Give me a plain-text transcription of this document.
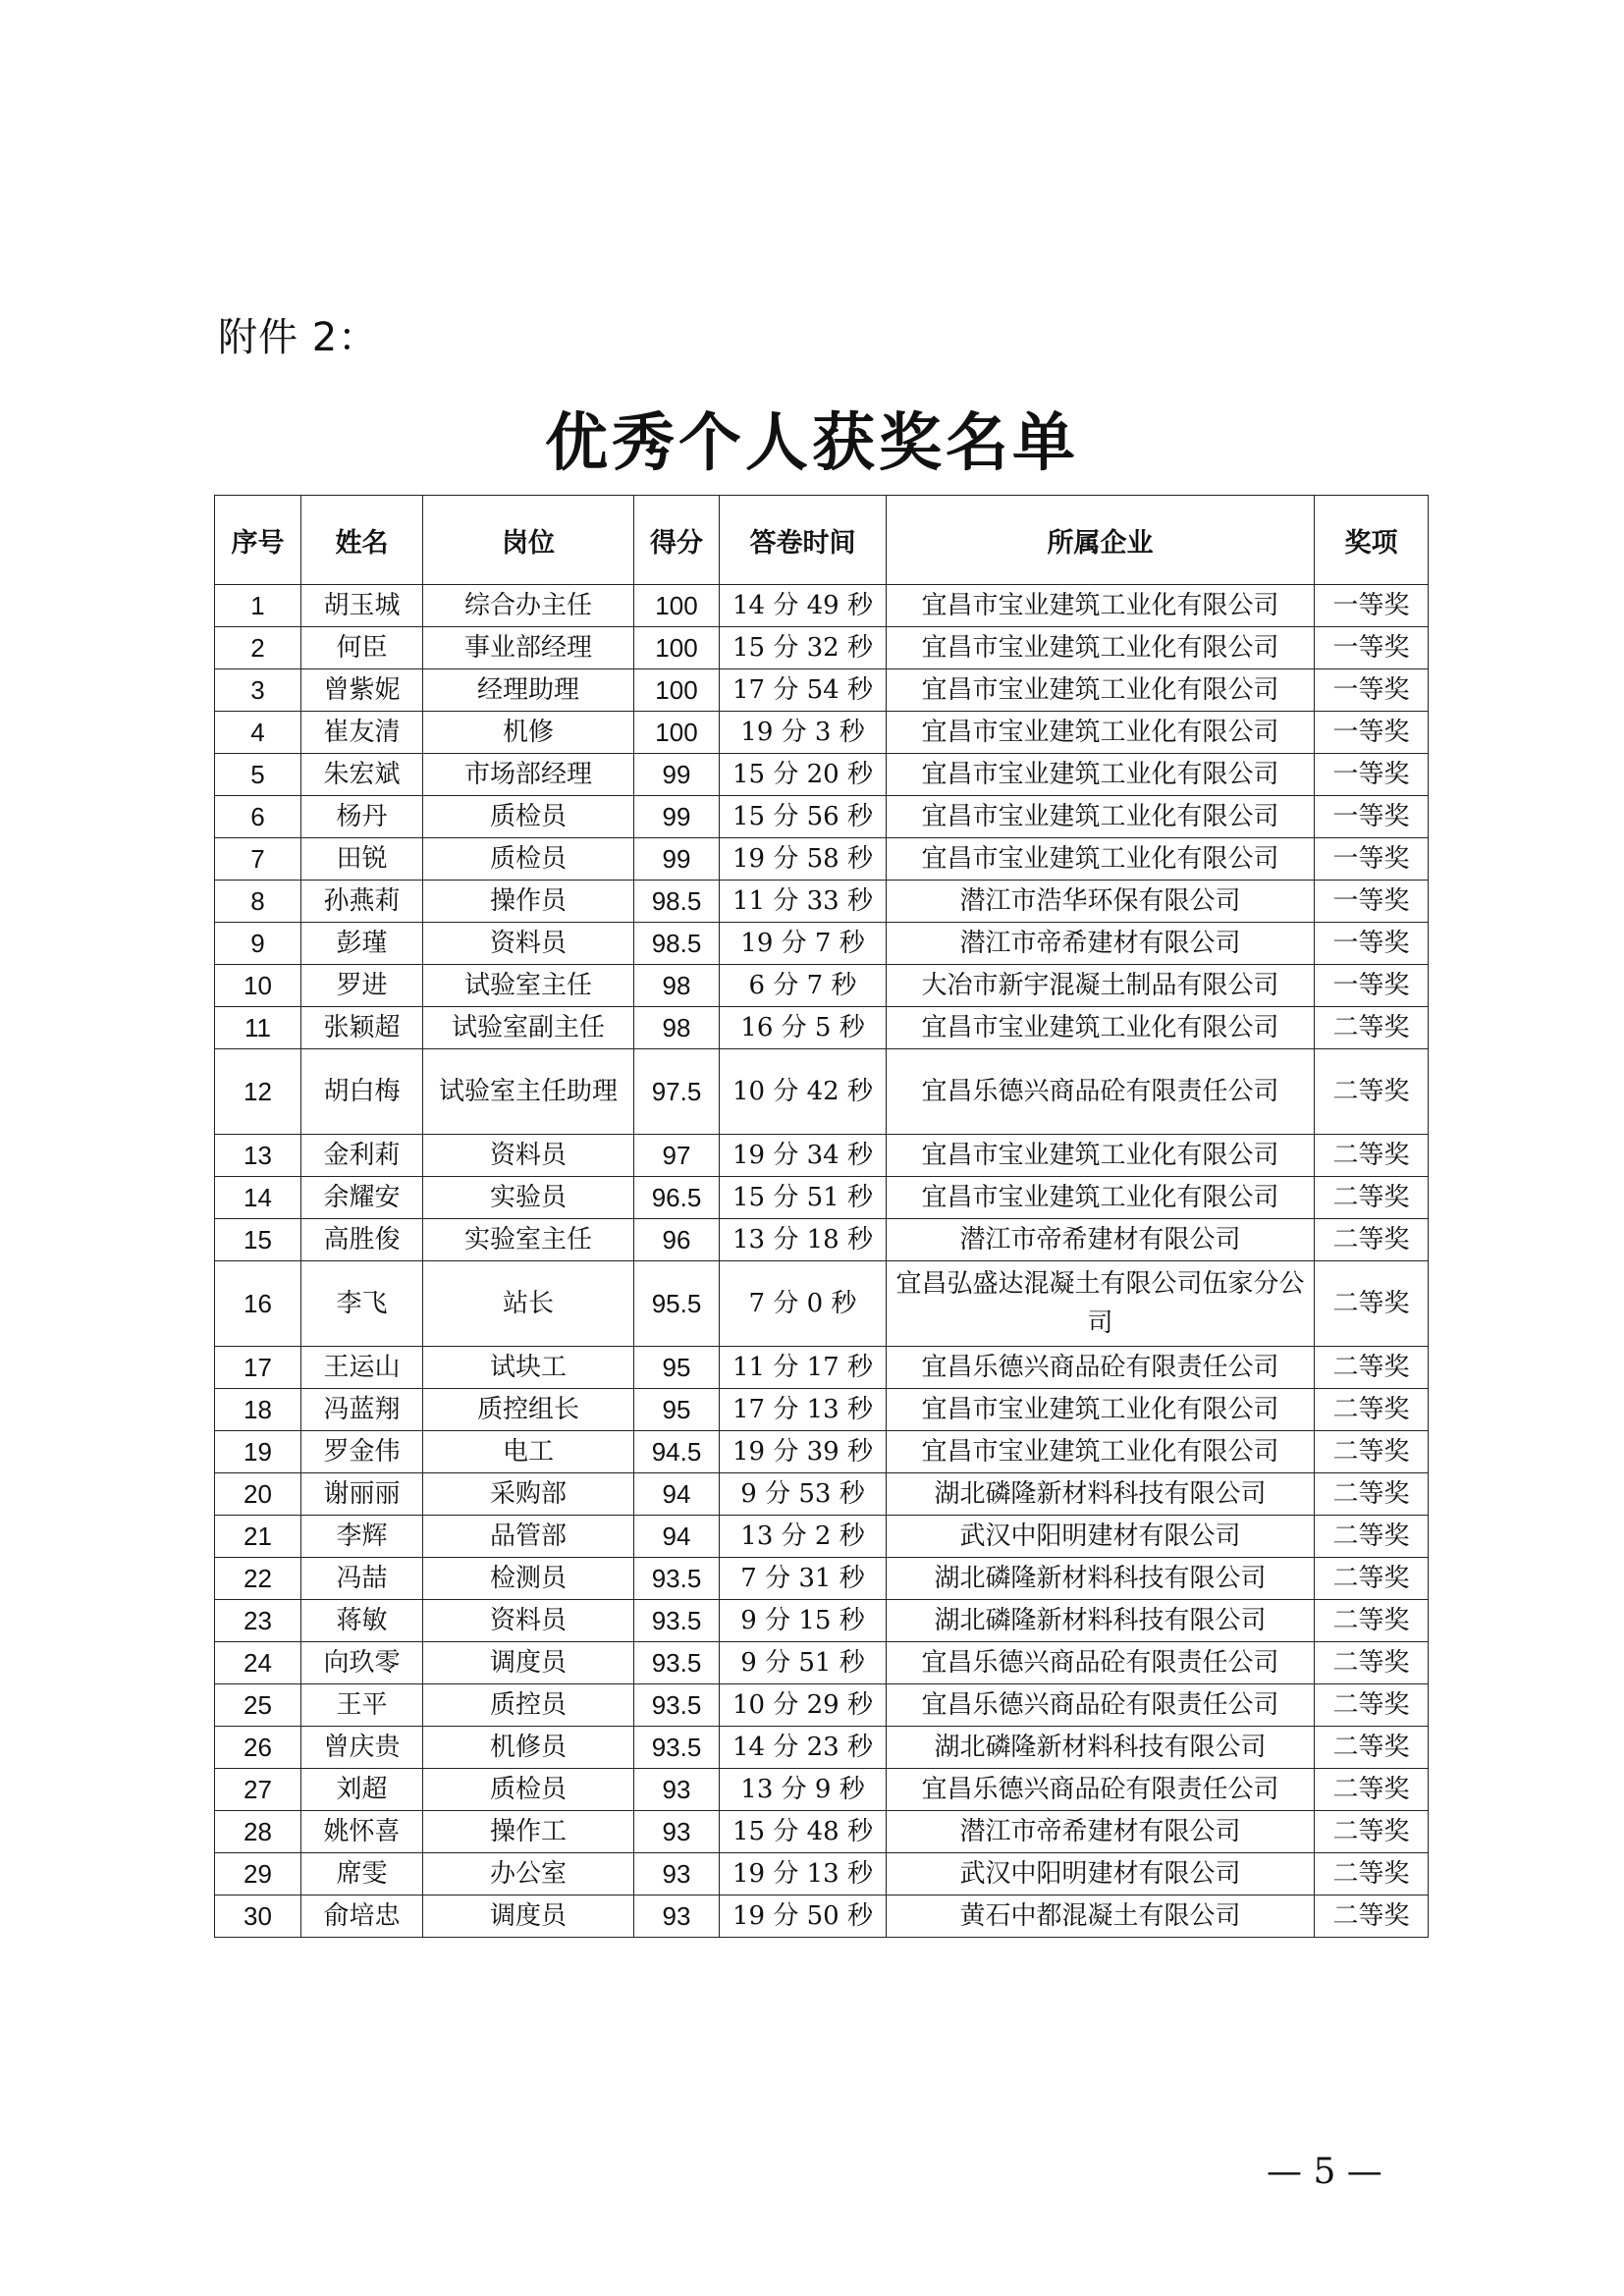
附件 2：
优秀个人获奖名单
序号	姓名	岗位	得分	答卷时间	所属企业	奖项
1	胡玉城	综合办主任	100	14 分 49 秒	宜昌市宝业建筑工业化有限公司	一等奖
2	何臣	事业部经理	100	15 分 32 秒	宜昌市宝业建筑工业化有限公司	一等奖
3	曾紫妮	经理助理	100	17 分 54 秒	宜昌市宝业建筑工业化有限公司	一等奖
4	崔友清	机修	100	19 分 3 秒	宜昌市宝业建筑工业化有限公司	一等奖
5	朱宏斌	市场部经理	99	15 分 20 秒	宜昌市宝业建筑工业化有限公司	一等奖
6	杨丹	质检员	99	15 分 56 秒	宜昌市宝业建筑工业化有限公司	一等奖
7	田锐	质检员	99	19 分 58 秒	宜昌市宝业建筑工业化有限公司	一等奖
8	孙燕莉	操作员	98.5	11 分 33 秒	潜江市浩华环保有限公司	一等奖
9	彭瑾	资料员	98.5	19 分 7 秒	潜江市帝希建材有限公司	一等奖
10	罗进	试验室主任	98	6 分 7 秒	大冶市新宇混凝土制品有限公司	一等奖
11	张颖超	试验室副主任	98	16 分 5 秒	宜昌市宝业建筑工业化有限公司	二等奖
12	胡白梅	试验室主任助理	97.5	10 分 42 秒	宜昌乐德兴商品砼有限责任公司	二等奖
13	金利莉	资料员	97	19 分 34 秒	宜昌市宝业建筑工业化有限公司	二等奖
14	余耀安	实验员	96.5	15 分 51 秒	宜昌市宝业建筑工业化有限公司	二等奖
15	高胜俊	实验室主任	96	13 分 18 秒	潜江市帝希建材有限公司	二等奖
16	李飞	站长	95.5	7 分 0 秒	宜昌弘盛达混凝土有限公司伍家分公司	二等奖
17	王运山	试块工	95	11 分 17 秒	宜昌乐德兴商品砼有限责任公司	二等奖
18	冯蓝翔	质控组长	95	17 分 13 秒	宜昌市宝业建筑工业化有限公司	二等奖
19	罗金伟	电工	94.5	19 分 39 秒	宜昌市宝业建筑工业化有限公司	二等奖
20	谢丽丽	采购部	94	9 分 53 秒	湖北磷隆新材料科技有限公司	二等奖
21	李辉	品管部	94	13 分 2 秒	武汉中阳明建材有限公司	二等奖
22	冯喆	检测员	93.5	7 分 31 秒	湖北磷隆新材料科技有限公司	二等奖
23	蒋敏	资料员	93.5	9 分 15 秒	湖北磷隆新材料科技有限公司	二等奖
24	向玖零	调度员	93.5	9 分 51 秒	宜昌乐德兴商品砼有限责任公司	二等奖
25	王平	质控员	93.5	10 分 29 秒	宜昌乐德兴商品砼有限责任公司	二等奖
26	曾庆贵	机修员	93.5	14 分 23 秒	湖北磷隆新材料科技有限公司	二等奖
27	刘超	质检员	93	13 分 9 秒	宜昌乐德兴商品砼有限责任公司	二等奖
28	姚怀喜	操作工	93	15 分 48 秒	潜江市帝希建材有限公司	二等奖
29	席雯	办公室	93	19 分 13 秒	武汉中阳明建材有限公司	二等奖
30	俞培忠	调度员	93	19 分 50 秒	黄石中都混凝土有限公司	二等奖
— 5 —
